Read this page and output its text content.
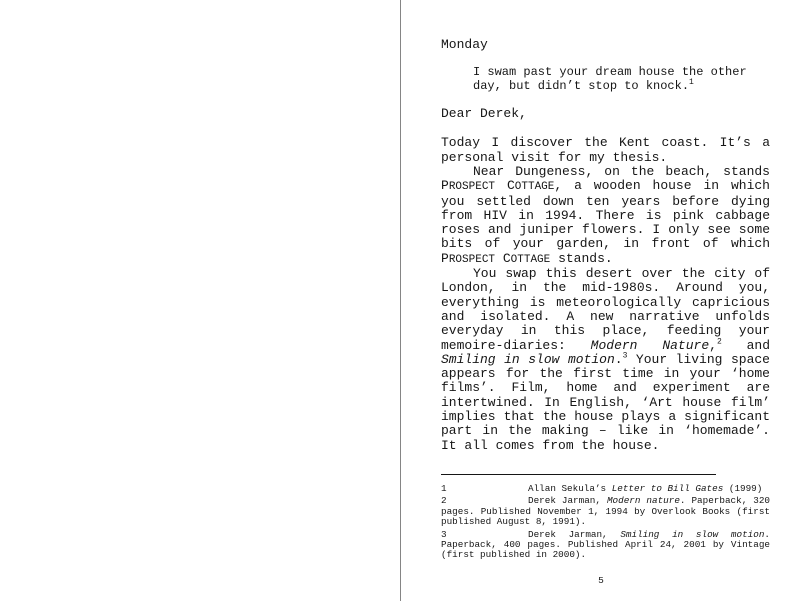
Monday
I swam past your dream house the other day, but didn’t stop to knock.$^1$
Dear Derek,

Today I discover the Kent coast. It’s a personal visit for my thesis.

Near Dungeness, on the beach, stands PROSPECT COTTAGE, a wooden house in which you settled down ten years before dying from HIV in 1994. There is pink cabbage roses and juniper flowers. I only see some bits of your garden, in front of which PROSPECT COTTAGE stands.

You swap this desert over the city of London, in the mid-1980s. Around you, everything is meteorologically capricious and isolated. A new narrative unfolds everyday in this place, feeding your memoire-diaries: Modern Nature,$^2$ and Smiling in slow motion.$^3$ Your living space appears for the first time in your ‘home films’. Film, home and experiment are intertwined. In English, ‘Art house film’ implies that the house plays a significant part in the making – like in ‘homemade’. It all comes from the house.

1	Allan Sekula’s Letter to Bill Gates (1999)

2	Derek Jarman, Modern nature. Paperback, 320 pages. Published November 1, 1994 by Overlook Books (first published August 8, 1991).

3	Derek Jarman, Smiling in slow motion. Paperback, 400 pages. Published April 24, 2001 by Vintage (first published in 2000).

5
